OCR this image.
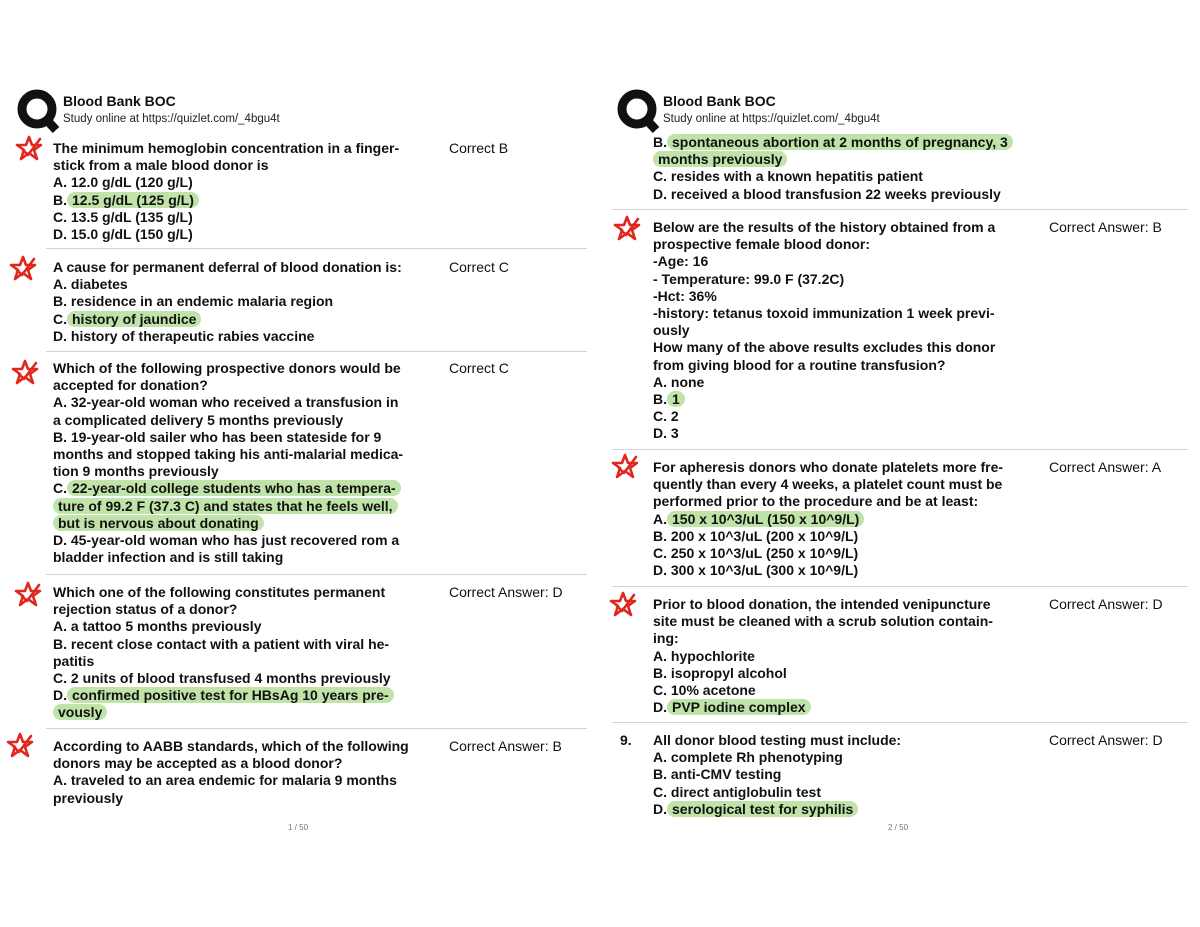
Blood Bank BOC
Study online at https://quizlet.com/_4bgu4t
The minimum hemoglobin concentration in a finger-
stick from a male blood donor is
A. 12.0 g/dL (120 g/L)
B. 12.5 g/dL (125 g/L)
C. 13.5 g/dL (135 g/L)
D. 15.0 g/dL (150 g/L)
Correct B
A cause for permanent deferral of blood donation is:
A. diabetes
B. residence in an endemic malaria region
C. history of jaundice
D. history of therapeutic rabies vaccine
Correct C
Which of the following prospective donors would be
accepted for donation?
A. 32-year-old woman who received a transfusion in
a complicated delivery 5 months previously
B. 19-year-old sailer who has been stateside for 9
months and stopped taking his anti-malarial medica-
tion 9 months previously
C. 22-year-old college students who has a tempera-
ture of 99.2 F (37.3 C) and states that he feels well,
but is nervous about donating
D. 45-year-old woman who has just recovered rom a
bladder infection and is still taking
Correct C
Which one of the following constitutes permanent
rejection status of a donor?
A. a tattoo 5 months previously
B. recent close contact with a patient with viral he-
patitis
C. 2 units of blood transfused 4 months previously
D. confirmed positive test for HBsAg 10 years pre-
vously
Correct Answer: D
According to AABB standards, which of the following
donors may be accepted as a blood donor?
A. traveled to an area endemic for malaria 9 months
previously
Correct Answer: B
1 / 50
Blood Bank BOC
Study online at https://quizlet.com/_4bgu4t
B. spontaneous abortion at 2 months of pregnancy, 3
months previously
C. resides with a known hepatitis patient
D. received a blood transfusion 22 weeks previously
Below are the results of the history obtained from a
prospective female blood donor:
-Age: 16
- Temperature: 99.0 F (37.2C)
-Hct: 36%
-history: tetanus toxoid immunization 1 week previ-
ously
How many of the above results excludes this donor
from giving blood for a routine transfusion?
A. none
B. 1
C. 2
D. 3
Correct Answer: B
For apheresis donors who donate platelets more fre-
quently than every 4 weeks, a platelet count must be
performed prior to the procedure and be at least:
A. 150 x 10^3/uL (150 x 10^9/L)
B. 200 x 10^3/uL (200 x 10^9/L)
C. 250 x 10^3/uL (250 x 10^9/L)
D. 300 x 10^3/uL (300 x 10^9/L)
Correct Answer: A
Prior to blood donation, the intended venipuncture
site must be cleaned with a scrub solution contain-
ing:
A. hypochlorite
B. isopropyl alcohol
C. 10% acetone
D. PVP iodine complex
Correct Answer: D
9. All donor blood testing must include:
A. complete Rh phenotyping
B. anti-CMV testing
C. direct antiglobulin test
D. serological test for syphilis
Correct Answer: D
2 / 50
